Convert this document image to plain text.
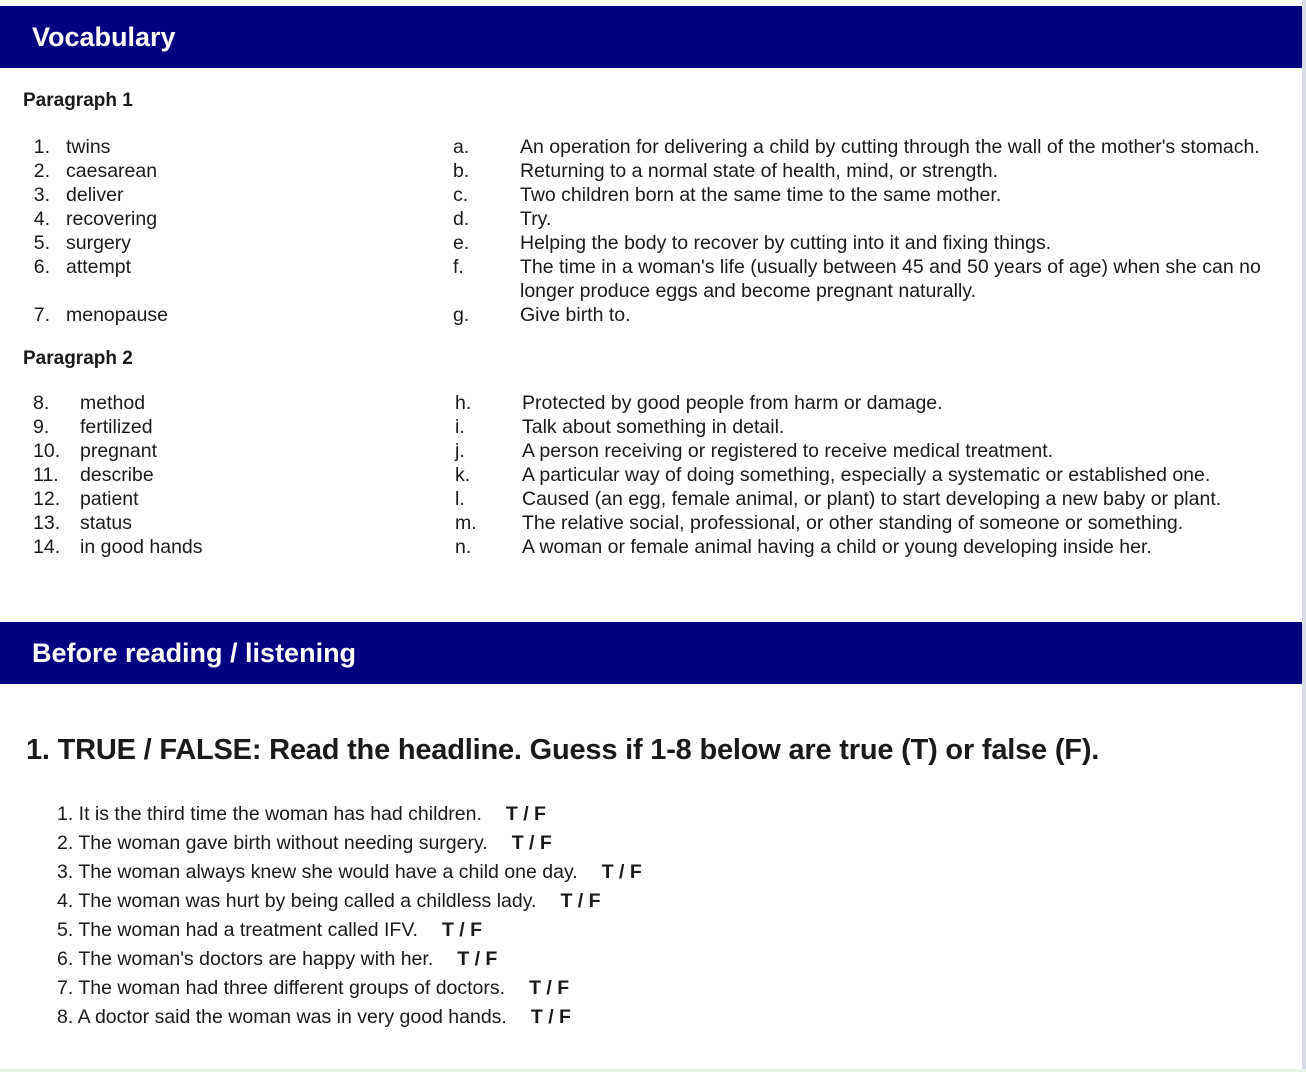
Vocabulary
Paragraph 1
1. twins	a.	An operation for delivering a child by cutting through the wall of the mother's stomach.
2. caesarean	b.	Returning to a normal state of health, mind, or strength.
3. deliver	c.	Two children born at the same time to the same mother.
4. recovering	d.	Try.
5. surgery	e.	Helping the body to recover by cutting into it and fixing things.
6. attempt	f.	The time in a woman's life (usually between 45 and 50 years of age) when she can no longer produce eggs and become pregnant naturally.
7. menopause	g.	Give birth to.
Paragraph 2
8.	method	h.	Protected by good people from harm or damage.
9.	fertilized	i.	Talk about something in detail.
10. pregnant	j.	A person receiving or registered to receive medical treatment.
11.	describe	k.	A particular way of doing something, especially a systematic or established one.
12. patient	l.	Caused (an egg, female animal, or plant) to start developing a new baby or plant.
13. status	m. The relative social, professional, or other standing of someone or something.
14. in good hands	n.	A woman or female animal having a child or young developing inside her.
Before reading / listening
1. TRUE / FALSE: Read the headline. Guess if 1-8 below are true (T) or false (F).
1. It is the third time the woman has had children. T / F
2. The woman gave birth without needing surgery. T / F
3. The woman always knew she would have a child one day. T / F
4. The woman was hurt by being called a childless lady. T / F
5. The woman had a treatment called IFV. T / F
6. The woman's doctors are happy with her. T / F
7. The woman had three different groups of doctors. T / F
8. A doctor said the woman was in very good hands. T / F
